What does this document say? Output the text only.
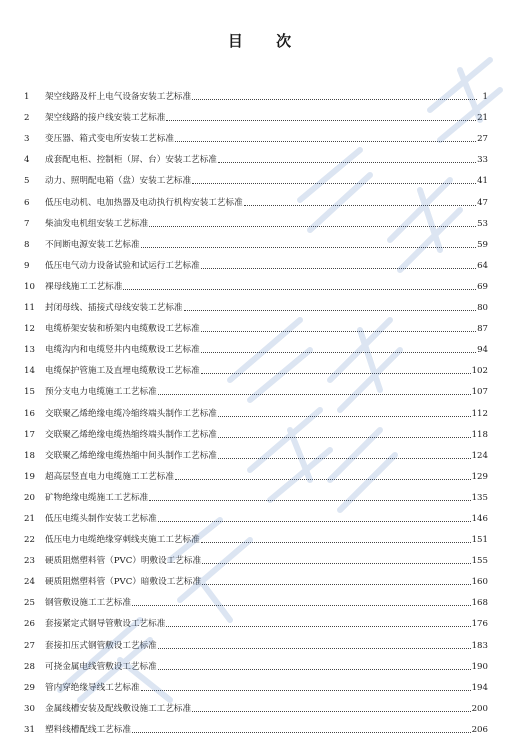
目 次
1	架空线路及杆上电气设备安装工艺标准	1
2	架空线路的接户线安装工艺标准	21
3	变压器、箱式变电所安装工艺标准	27
4	成套配电柜、控制柜（屏、台）安装工艺标准	33
5	动力、照明配电箱（盘）安装工艺标准	41
6	低压电动机、电加热器及电动执行机构安装工艺标准	47
7	柴油发电机组安装工艺标准	53
8	不间断电源安装工艺标准	59
9	低压电气动力设备试验和试运行工艺标准	64
10	裸母线施工工艺标准	69
11	封闭母线、插接式母线安装工艺标准	80
12	电缆桥架安装和桥架内电缆敷设工艺标准	87
13	电缆沟内和电缆竖井内电缆敷设工艺标准	94
14	电缆保护管施工及直埋电缆敷设工艺标准	102
15	预分支电力电缆施工工艺标准	107
16	交联聚乙烯绝缘电缆冷缩终端头制作工艺标准	112
17	交联聚乙烯绝缘电缆热缩终端头制作工艺标准	118
18	交联聚乙烯绝缘电缆热缩中间头制作工艺标准	124
19	超高层竖直电力电缆施工工艺标准	129
20	矿物绝缘电缆施工工艺标准	135
21	低压电缆头制作安装工艺标准	146
22	低压电力电缆绝缘穿刺线夹施工工艺标准	151
23	硬质阻燃塑料管（PVC）明敷设工艺标准	155
24	硬质阻燃塑料管（PVC）暗敷设工艺标准	160
25	钢管敷设施工工艺标准	168
26	套接紧定式钢导管敷设工艺标准	176
27	套接扣压式钢管敷设工艺标准	183
28	可挠金属电线管敷设工艺标准	190
29	管内穿绝缘导线工艺标准	194
30	金属线槽安装及配线敷设施工工艺标准	200
31	塑料线槽配线工艺标准	206
